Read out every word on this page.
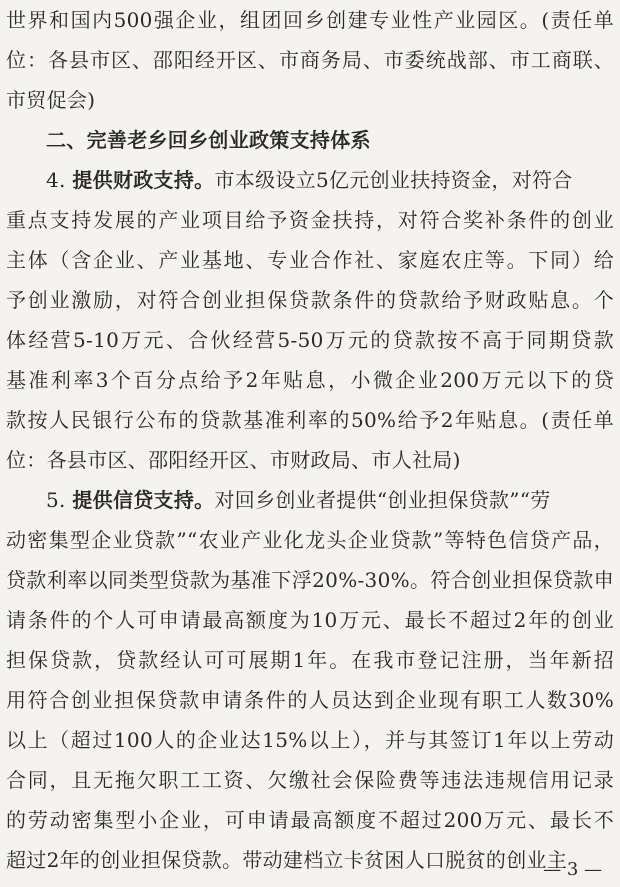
世界和国内500强企业，组团回乡创建专业性产业园区。(责任单
位：各县市区、邵阳经开区、市商务局、市委统战部、市工商联、
市贸促会)
二、完善老乡回乡创业政策支持体系
4. 提供财政支持。市本级设立5亿元创业扶持资金，对符合
重点支持发展的产业项目给予资金扶持，对符合奖补条件的创业
主体（含企业、产业基地、专业合作社、家庭农庄等。下同）给
予创业激励，对符合创业担保贷款条件的贷款给予财政贴息。个
体经营5-10万元、合伙经营5-50万元的贷款按不高于同期贷款
基准利率3个百分点给予2年贴息，小微企业200万元以下的贷
款按人民银行公布的贷款基准利率的50%给予2年贴息。(责任单
位：各县市区、邵阳经开区、市财政局、市人社局)
5. 提供信贷支持。对回乡创业者提供“创业担保贷款”“劳
动密集型企业贷款”“农业产业化龙头企业贷款”等特色信贷产品，
贷款利率以同类型贷款为基准下浮20%-30%。符合创业担保贷款申
请条件的个人可申请最高额度为10万元、最长不超过2年的创业
担保贷款，贷款经认可可展期1年。在我市登记注册，当年新招
用符合创业担保贷款申请条件的人员达到企业现有职工人数30%
以上（超过100人的企业达15%以上），并与其签订1年以上劳动
合同，且无拖欠职工工资、欠缴社会保险费等违法违规信用记录
的劳动密集型小企业，可申请最高额度不超过200万元、最长不
超过2年的创业担保贷款。带动建档立卡贫困人口脱贫的创业主
— 3 —
